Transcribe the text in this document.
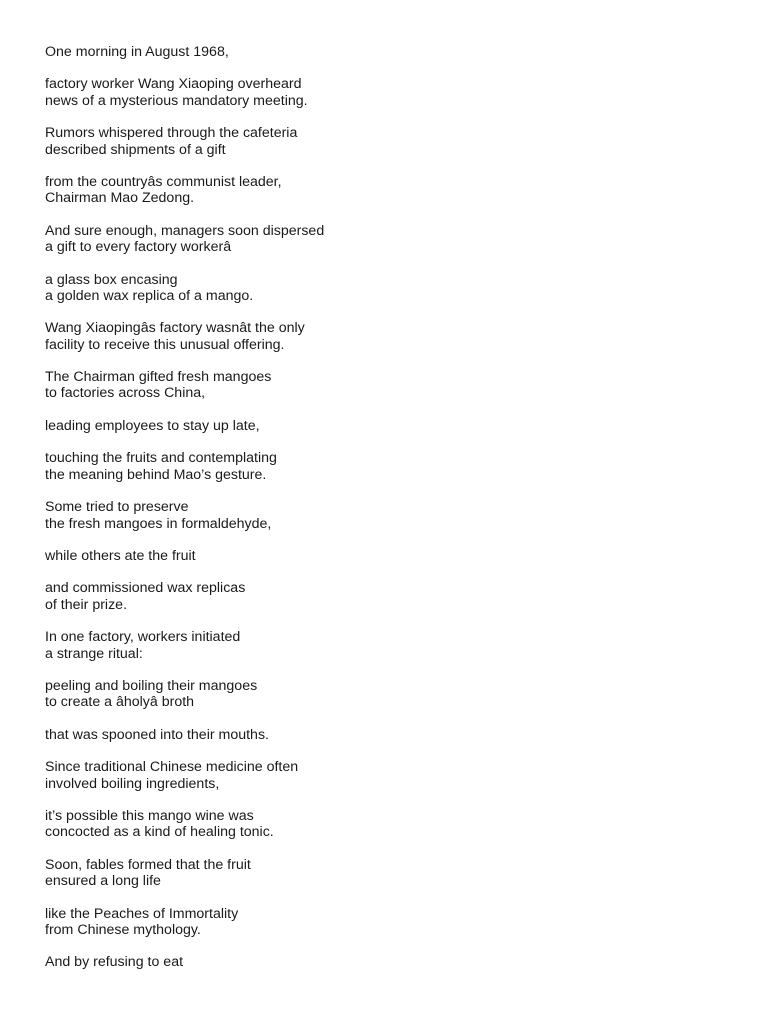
One morning in August 1968,
factory worker Wang Xiaoping overheard
news of a mysterious mandatory meeting.
Rumors whispered through the cafeteria
described shipments of a gift
from the countryâs communist leader,
Chairman Mao Zedong.
And sure enough, managers soon dispersed
a gift to every factory workerâ
a glass box encasing
a golden wax replica of a mango.
Wang Xiaopingâs factory wasnât the only
facility to receive this unusual offering.
The Chairman gifted fresh mangoes
to factories across China,
leading employees to stay up late,
touching the fruits and contemplating
the meaning behind Mao’s gesture.
Some tried to preserve
the fresh mangoes in formaldehyde,
while others ate the fruit
and commissioned wax replicas
of their prize.
In one factory, workers initiated
a strange ritual:
peeling and boiling their mangoes
to create a âholyâ broth
that was spooned into their mouths.
Since traditional Chinese medicine often
involved boiling ingredients,
it’s possible this mango wine was
concocted as a kind of healing tonic.
Soon, fables formed that the fruit
ensured a long life
like the Peaches of Immortality
from Chinese mythology.
And by refusing to eat
